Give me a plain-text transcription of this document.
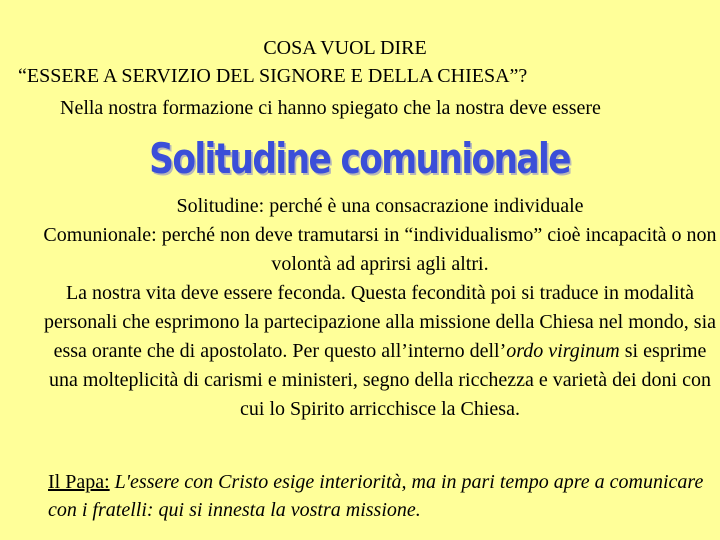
COSA VUOL DIRE
“ESSERE A SERVIZIO DEL SIGNORE E DELLA CHIESA”?
Nella nostra formazione ci hanno spiegato che la nostra deve essere
Solitudine comunionale

Solitudine: perché è una consacrazione individuale

Comunionale: perché non deve tramutarsi in “individualismo” cioè incapacità o non volontà ad aprirsi agli altri.

La nostra vita deve essere feconda. Questa fecondità poi si traduce in modalità personali che esprimono la partecipazione alla missione della Chiesa nel mondo, sia essa orante che di apostolato. Per questo all’interno dell’ordo virginum si esprime una molteplicità di carismi e ministeri, segno della ricchezza e varietà dei doni con cui lo Spirito arricchisce la Chiesa.

Il Papa: L'essere con Cristo esige interiorità, ma in pari tempo apre a comunicare con i fratelli: qui si innesta la vostra missione.
